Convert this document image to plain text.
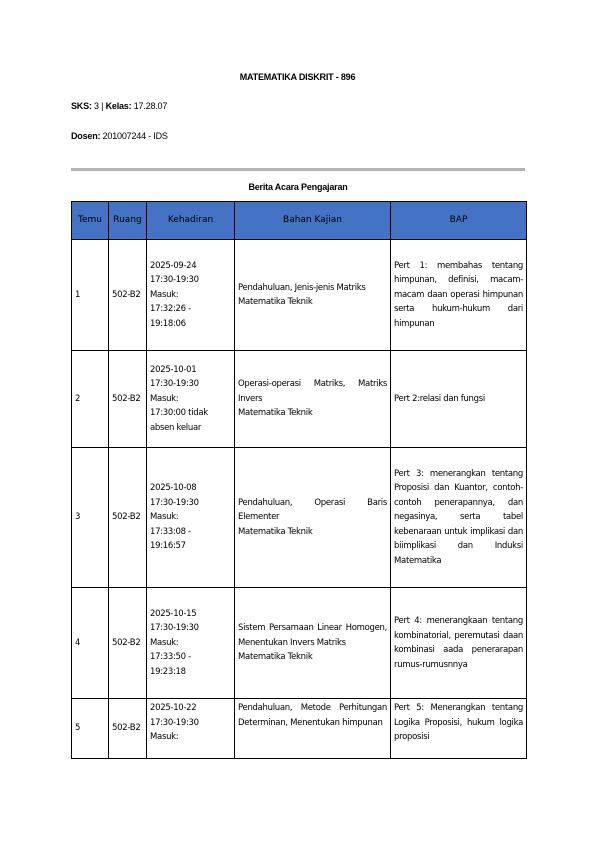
MATEMATIKA DISKRIT - 896
SKS: 3 | Kelas: 17.28.07
Dosen: 201007244 - IDS
Berita Acara Pengajaran
Temu	Ruang	Kehadiran	Bahan Kajian	BAP
1	502-B2	2025-09-24
17:30-19:30
Masuk:
17:32:26 -
19:18:06	Pendahuluan, Jenis-jenis Matriks
Matematika Teknik	Pert 1: membahas tentang himpunan, definisi, macam-macam daan operasi himpunan serta hukum-hukum dari himpunan
2	502-B2	2025-10-01
17:30-19:30
Masuk:
17:30:00 tidak
absen keluar	Operasi-operasi Matriks, Matriks Invers
Matematika Teknik	Pert 2:relasi dan fungsi
3	502-B2	2025-10-08
17:30-19:30
Masuk:
17:33:08 -
19:16:57	Pendahuluan, Operasi Baris Elementer
Matematika Teknik	Pert 3: menerangkan tentang Proposisi dan Kuantor, contoh-contoh penerapannya, dan negasinya, serta tabel kebenaraan untuk implikasi dan biimplikasi dan Induksi Matematika
4	502-B2	2025-10-15
17:30-19:30
Masuk:
17:33:50 -
19:23:18	Sistem Persamaan Linear Homogen, Menentukan Invers Matriks
Matematika Teknik	Pert 4: menerangkaan tentang kombinatorial, peremutasi daan kombinasi aada penerarapan rumus-rumusnnya
5	502-B2	2025-10-22
17:30-19:30
Masuk:	Pendahuluan, Metode Perhitungan Determinan, Menentukan himpunan	Pert 5: Menerangkan tentang Logika Proposisi, hukum logika proposisi
